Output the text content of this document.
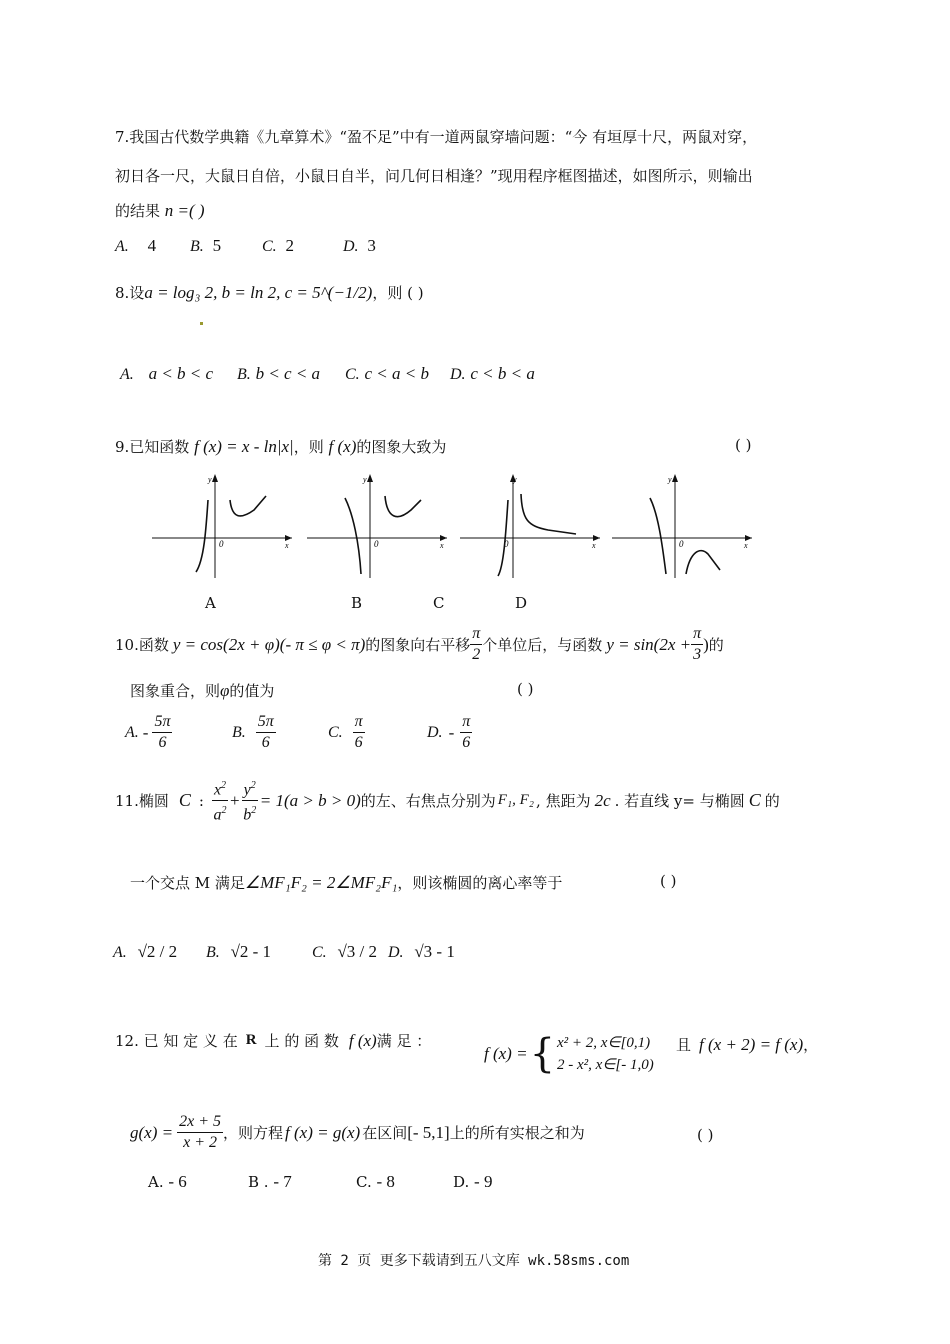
7.我国古代数学典籍《九章算术》“盈不足”中有一道两鼠穿墙问题：“今 有垣厚十尺，两鼠对穿，
初日各一尺，大鼠日自倍，小鼠日自半，问几何日相逢？”现用程序框图描述，如图所示，则输出
的结果 n =( )
A. 4 B. 5	C. 2	D. 3
8.设a = log₃ 2, b = ln 2, c = 5^(−1/2)，则 ( )
A. a < b < c B. b < c < a C. c < a < b D. c < b < a
9.已知函数 f (x) = x - ln|x|，则 f (x)的图象大致为	( )
y
x
0
y
x
0
y
x
0
y
x
0
A	B	C	D
10.函数 y = cos(2x + φ)(- π ≤ φ < π) 的图象向右平移 $\frac{\pi}{2}$ 个单位后，与函数 $y = \sin(2x + \frac{\pi}{3}$ ) 的
图象重合，则φ的值为	( )
A. - $\frac{5\pi}{6}$	B. $\frac{5\pi}{6}$	C. $\frac{\pi}{6}$	D. - $\frac{\pi}{6}$
11.椭圆 C : $\frac{x^2}{a^2} + \frac{y^2}{b^2} = 1(a > b > 0)$ 的左、右焦点分别为 F₁, F₂ , 焦距为 2c . 若直线 y= 与椭圆 C 的
一个交点 M 满足∠MF₁F₂ = 2∠MF₂F₁，则该椭圆的离心率等于	( )
A. √2 / 2 B. √2 - 1	C. √3 / 2 D. √3 - 1
12. 已 知 定 义 在 R 上 的 函 数 f (x) 满 足 ：
f (x) = { x² + 2, x∈[0,1)
2 - x², x∈[- 1,0)
且 f (x + 2) = f (x) ，
$g(x) = \frac{2x + 5}{x + 2}$ ，则方程 f (x) = g(x) 在区间 [- 5,1] 上的所有实根之和为	( )
A. - 6	B . - 7	C. - 8	D. - 9
第 2 页 更多下载请到五八文库 wk.58sms.com
